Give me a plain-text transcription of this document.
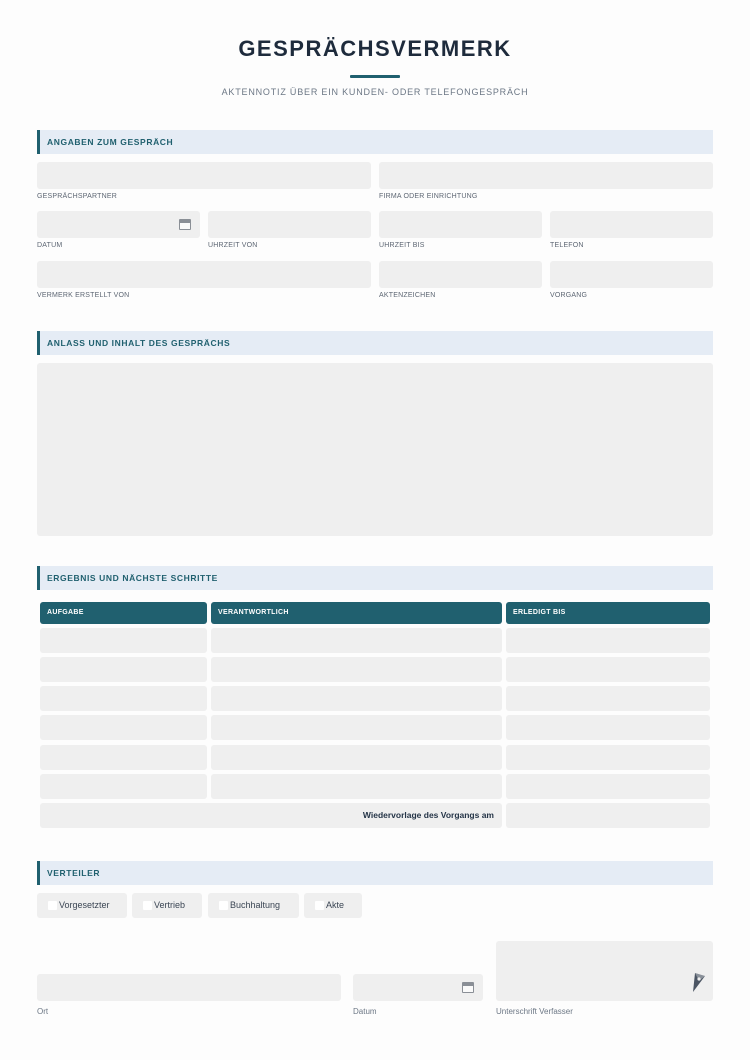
GESPRÄCHSVERMERK
AKTENNOTIZ ÜBER EIN KUNDEN- ODER TELEFONGESPRÄCH
ANGABEN ZUM GESPRÄCH
GESPRÄCHSPARTNER	FIRMA ODER EINRICHTUNG
DATUM	UHRZEIT VON	UHRZEIT BIS	TELEFON
VERMERK ERSTELLT VON	AKTENZEICHEN	VORGANG
ANLASS UND INHALT DES GESPRÄCHS
ERGEBNIS UND NÄCHSTE SCHRITTE
AUFGABE	VERANTWORTLICH	ERLEDIGT BIS
Wiedervorlage des Vorgangs am
VERTEILER
Vorgesetzter	Vertrieb	Buchhaltung	Akte
Ort	Datum	Unterschrift Verfasser
